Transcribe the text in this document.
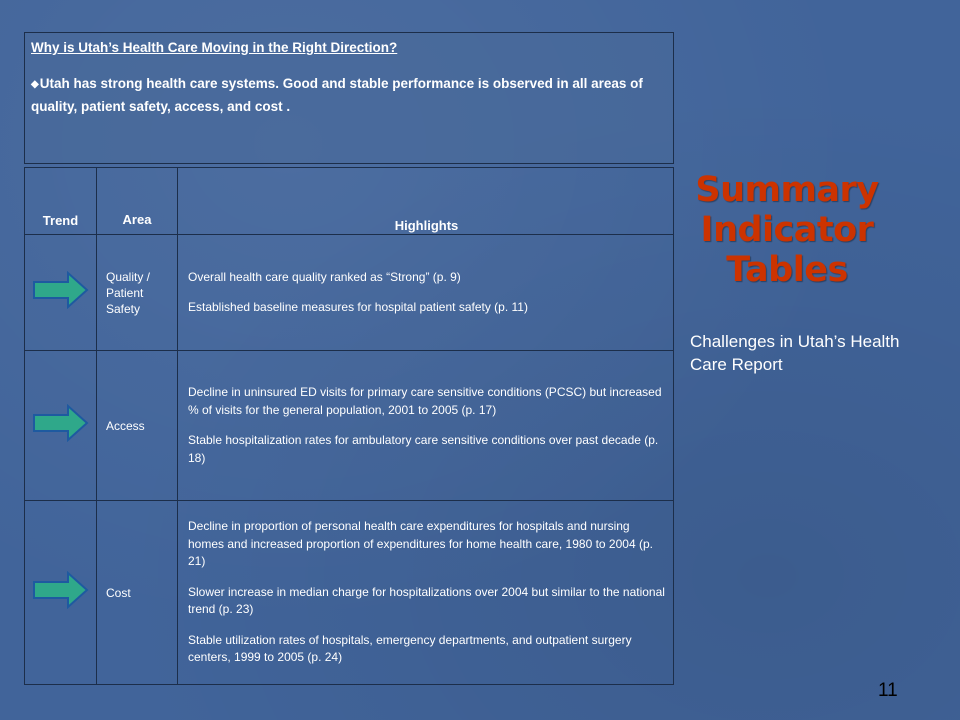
Why is Utah’s Health Care Moving in the Right Direction?
◆Utah has strong health care systems. Good and stable performance is observed in all areas of quality, patient safety, access, and cost .
Trend	Area	Highlights
	Quality / Patient Safety	Overall health care quality ranked as “Strong” (p. 9)

Established baseline measures for hospital patient safety (p. 11)

	Access	Decline in uninsured ED visits for primary care sensitive conditions (PCSC) but increased % of visits for the general population, 2001 to 2005 (p. 17)

Stable hospitalization rates for ambulatory care sensitive conditions over past decade (p. 18)

	Cost	Decline in proportion of personal health care expenditures for hospitals and nursing homes and increased proportion of expenditures for home health care, 1980 to 2004 (p. 21)

Slower increase in median charge for hospitalizations over 2004 but similar to the national trend (p. 23)

Stable utilization rates of hospitals, emergency departments, and outpatient surgery centers, 1999 to 2005 (p. 24)

Summary
Indicator
Tables
Challenges in Utah’s Health Care Report
11
